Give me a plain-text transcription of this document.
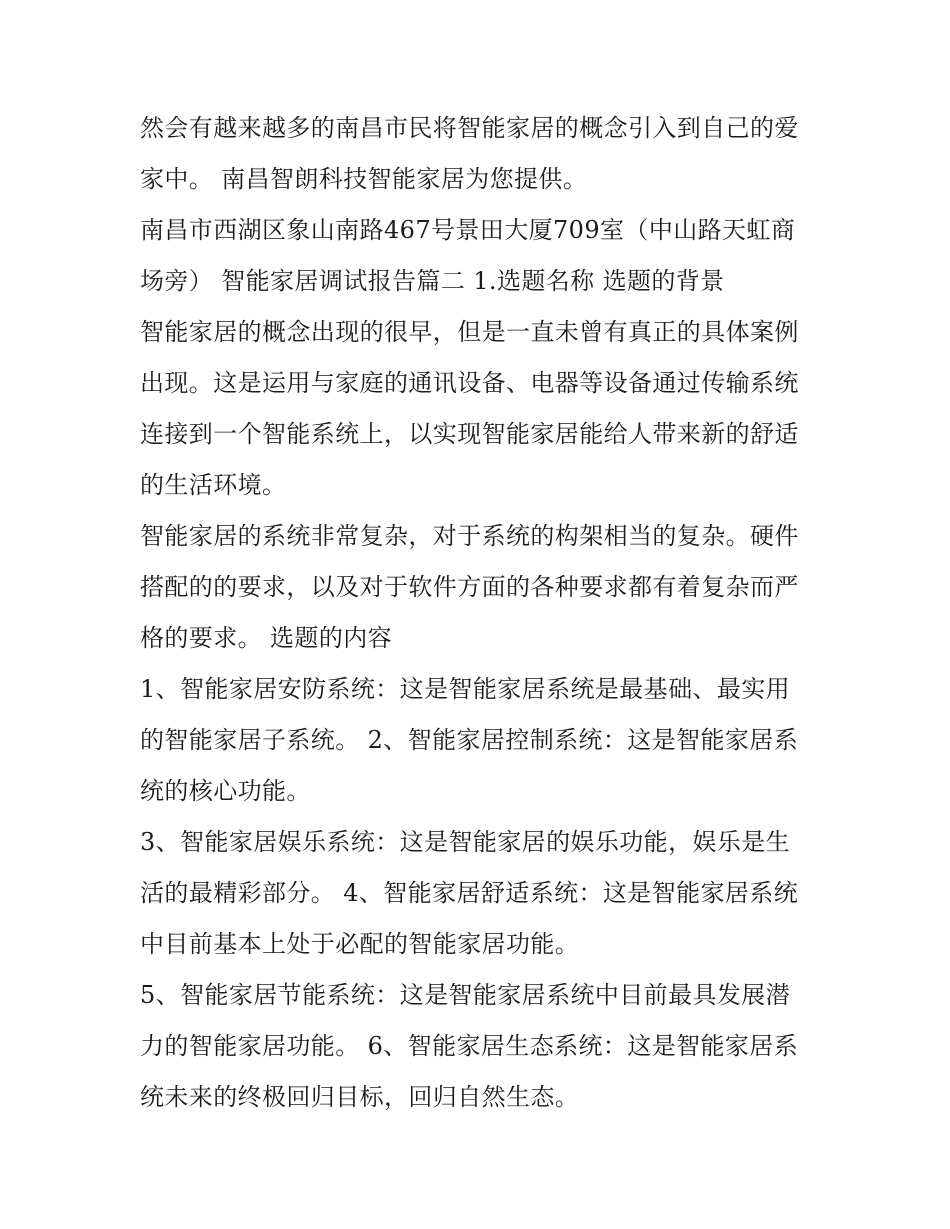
然会有越来越多的南昌市民将智能家居的概念引入到自己的爱
家中。 南昌智朗科技智能家居为您提供。
南昌市西湖区象山南路467号景田大厦709室（中山路天虹商
场旁） 智能家居调试报告篇二 1.选题名称 选题的背景
智能家居的概念出现的很早，但是一直未曾有真正的具体案例
出现。这是运用与家庭的通讯设备、电器等设备通过传输系统
连接到一个智能系统上，以实现智能家居能给人带来新的舒适
的生活环境。
智能家居的系统非常复杂，对于系统的构架相当的复杂。硬件
搭配的的要求，以及对于软件方面的各种要求都有着复杂而严
格的要求。 选题的内容
1、智能家居安防系统：这是智能家居系统是最基础、最实用
的智能家居子系统。 2、智能家居控制系统：这是智能家居系
统的核心功能。
3、智能家居娱乐系统：这是智能家居的娱乐功能，娱乐是生
活的最精彩部分。 4、智能家居舒适系统：这是智能家居系统
中目前基本上处于必配的智能家居功能。
5、智能家居节能系统：这是智能家居系统中目前最具发展潜
力的智能家居功能。 6、智能家居生态系统：这是智能家居系
统未来的终极回归目标，回归自然生态。
